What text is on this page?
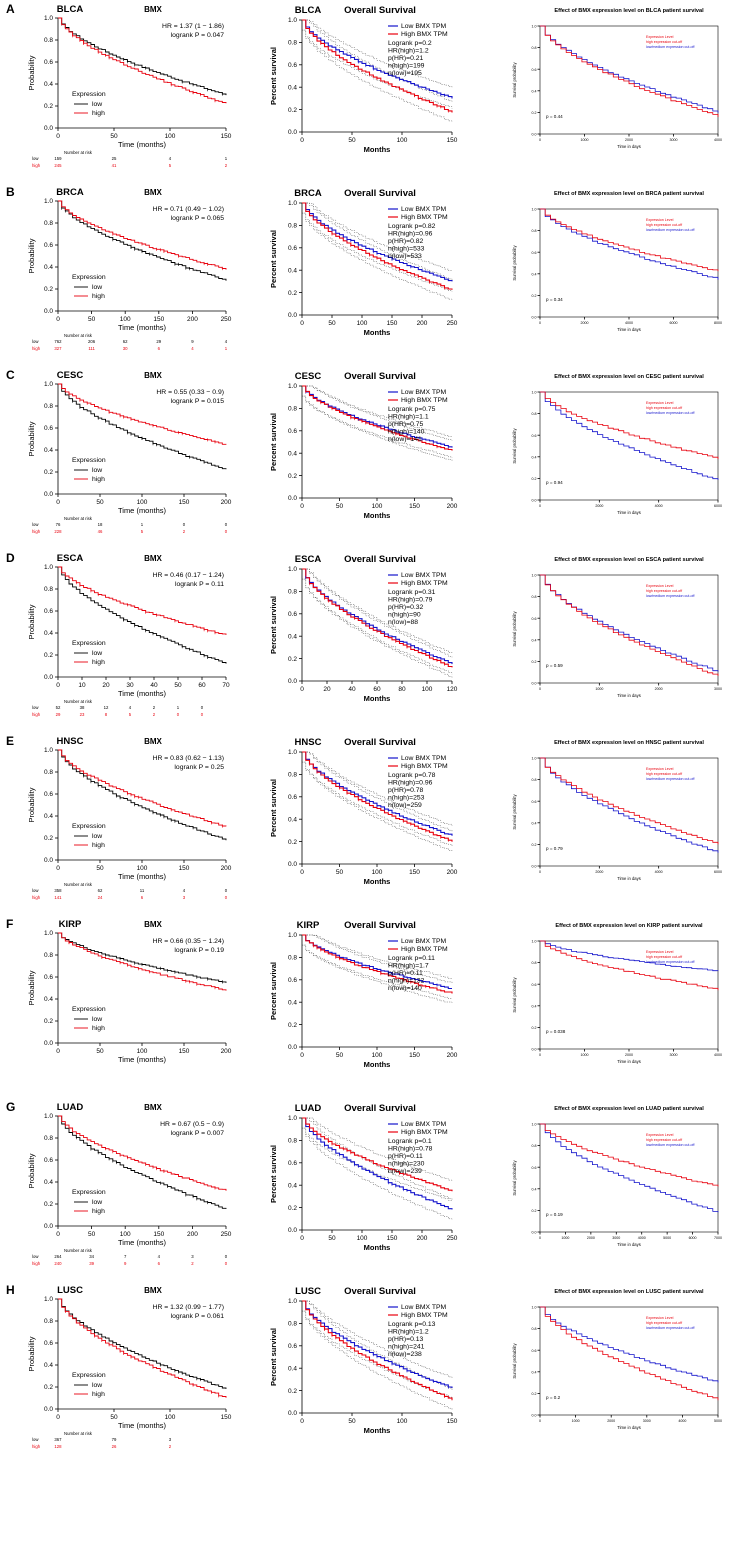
A	BLCA	BMX
0.0
0.2
0.4
0.6
0.8
1.0
0	50	100	150
Time (months)
Probability
HR = 1.37 (1 − 1.86)
logrank P = 0.047
Expression
low
high
Number at risk
low
high
159	25	4	1
245	41	5	2
BLCA Overall Survival
0.0
0.2
0.4
0.6
0.8
1.0
0	50	100	150
Months
Percent survival
Low BMX TPM
High BMX TPM
Logrank p=0.2
HR(high)=1.2
p(HR)=0.21
n(high)=199
n(low)=195
Effect of BMX expression level on BLCA patient survival
0.0
0.2
0.4
0.6
0.8
1.0
0	1000	2000	3000	4000
Time in days
Survival probability
p = 0.44
Expression Level
high expression cut-off
low/medium expression cut-off
B	BRCA	BMX
0.0
0.2
0.4
0.6
0.8
1.0
0	50	100	150	200	250
Time (months)
Probability
HR = 0.71 (0.49 − 1.02)
logrank P = 0.065
Expression
low
high
Number at risk
low
high
762	206	62	29	9	4
327	111	30	6	4	1
BRCA Overall Survival
0.0
0.2
0.4
0.6
0.8
1.0
0	50	100	150	200	250
Months
Percent survival
Low BMX TPM
High BMX TPM
Logrank p=0.82
HR(high)=0.96
p(HR)=0.82
n(high)=533
n(low)=533
Effect of BMX expression level on BRCA patient survival
0.0
0.2
0.4
0.6
0.8
1.0
0	2000	4000	6000	8000
Time in days
Survival probability
p = 0.34
Expression Level
high expression cut-off
low/medium expression cut-off
C	CESC	BMX
0.0
0.2
0.4
0.6
0.8
1.0
0	50	100	150	200
Time (months)
Probability
HR = 0.55 (0.33 − 0.9)
logrank P = 0.015
Expression
low
high
Number at risk
low
high
76	18	1	0	0
228	46	5	2	0
CESC Overall Survival
0.0
0.2
0.4
0.6
0.8
1.0
0	50	100	150	200
Months
Percent survival
Low BMX TPM
High BMX TPM
Logrank p=0.75
HR(high)=1.1
p(HR)=0.75
n(high)=140
n(low)=141
Effect of BMX expression level on CESC patient survival
0.0
0.2
0.4
0.6
0.8
1.0
0	2000	4000	6000
Time in days
Survival probability
p = 0.94
Expression Level
high expression cut-off
low/medium expression cut-off
D	ESCA	BMX
0.0
0.2
0.4
0.6
0.8
1.0
0	10	20	30	40	50	60	70
Time (months)
Probability
HR = 0.46 (0.17 − 1.24)
logrank P = 0.11
Expression
low
high
Number at risk
low
high
52	38	12	4	2	1	0
29	23	8	5	2	0	0
ESCA Overall Survival
0.0
0.2
0.4
0.6
0.8
1.0
0	20	40	60	80 100 120
Months
Percent survival
Low BMX TPM
High BMX TPM
Logrank p=0.31
HR(high)=0.79
p(HR)=0.32
n(high)=90
n(low)=88
Effect of BMX expression level on ESCA patient survival
0.0
0.2
0.4
0.6
0.8
1.0
0	1000	2000	3000
Time in days
Survival probability
p = 0.59
Expression Level
high expression cut-off
low/medium expression cut-off
E	HNSC	BMX
0.0
0.2
0.4
0.6
0.8
1.0
0	50	100	150	200
Time (months)
Probability
HR = 0.83 (0.62 − 1.13)
logrank P = 0.25
Expression
low
high
Number at risk
low
high
358	62	11	4	0
141	24	6	3	0
HNSC Overall Survival
0.0
0.2
0.4
0.6
0.8
1.0
0	50	100	150	200
Months
Percent survival
Low BMX TPM
High BMX TPM
Logrank p=0.78
HR(high)=0.96
p(HR)=0.78
n(high)=253
n(low)=259
Effect of BMX expression level on HNSC patient survival
0.0
0.2
0.4
0.6
0.8
1.0
0	2000	4000	6000
Time in days
Survival probability
p = 0.79
Expression Level
high expression cut-off
low/medium expression cut-off
F	KIRP	BMX
0.0
0.2
0.4
0.6
0.8
1.0
0	50	100	150	200
Time (months)
Probability
HR = 0.66 (0.35 − 1.24)
logrank P = 0.19
Expression
low
high
KIRP	Overall Survival
0.0
0.2
0.4
0.6
0.8
1.0
0	50	100	150	200
Months
Percent survival
Low BMX TPM
High BMX TPM
Logrank p=0.11
HR(high)=1.7
p(HR)=0.11
n(high)=132
n(low)=140
Effect of BMX expression level on KIRP patient survival
0.0
0.2
0.4
0.6
0.8
1.0
0	1000	2000	3000	4000
Time in days
Survival probability
p = 0.038
Expression Level
high expression cut-off
low/medium expression cut-off
G	LUAD	BMX
0.0
0.2
0.4
0.6
0.8
1.0
0	50	100	150	200	250
Time (months)
Probability
HR = 0.67 (0.5 − 0.9)
logrank P = 0.007
Expression
low
high
Number at risk
low
high
264	34	7	4	3	0
240	39	9	6	2	0
LUAD Overall Survival
0.0
0.2
0.4
0.6
0.8
1.0
0	50	100	150	200	250
Months
Percent survival
Low BMX TPM
High BMX TPM
Logrank p=0.1
HR(high)=0.78
p(HR)=0.11
n(high)=230
n(low)=239
Effect of BMX expression level on LUAD patient survival
0.0
0.2
0.4
0.6
0.8
1.0
0	1000	2000	3000	4000	5000	6000	7000
Time in days
Survival probability
p = 0.19
Expression Level
high expression cut-off
low/medium expression cut-off
H	LUSC	BMX
0.0
0.2
0.4
0.6
0.8
1.0
0	50	100	150
Time (months)
Probability
HR = 1.32 (0.99 − 1.77)
logrank P = 0.061
Expression
low
high
Number at risk
low
high
367	79	3
128	26	2
LUSC Overall Survival
0.0
0.2
0.4
0.6
0.8
1.0
0	50	100	150
Months
Percent survival
Low BMX TPM
High BMX TPM
Logrank p=0.13
HR(high)=1.2
p(HR)=0.13
n(high)=241
n(low)=238
Effect of BMX expression level on LUSC patient survival
0.0
0.2
0.4
0.6
0.8
1.0
0	1000	2000	3000	4000	5000
Time in days
Survival probability
p = 0.2
Expression Level
high expression cut-off
low/medium expression cut-off
